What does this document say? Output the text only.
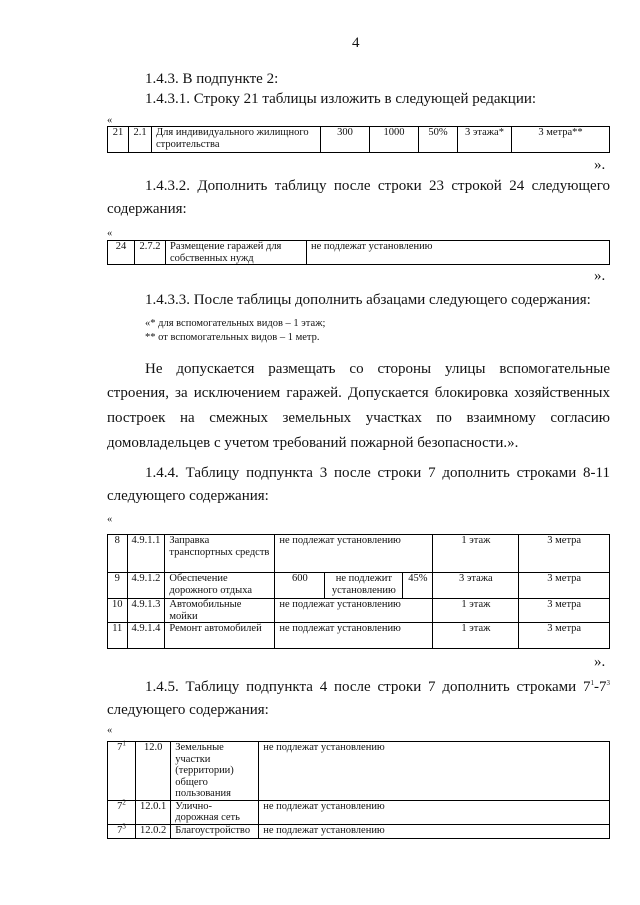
4
1.4.3. В подпункте 2:
1.4.3.1. Строку 21 таблицы изложить в следующей редакции:
«
21	2.1	Для индивидуального жилищного строительства	300	1000	50%	3 этажа*	3 метра**
».
1.4.3.2. Дополнить таблицу после строки 23 строкой 24 следующего
содержания:
«
24	2.7.2	Размещение гаражей для собственных нужд	не подлежат установлению
».
1.4.3.3. После таблицы дополнить абзацами следующего содержания:
«* для вспомогательных видов – 1 этаж;
** от вспомогательных видов – 1 метр.
Не допускается размещать со стороны улицы вспомогательные
строения, за исключением гаражей. Допускается блокировка хозяйственных
построек на смежных земельных участках по взаимному согласию
домовладельцев с учетом требований пожарной безопасности.».
1.4.4. Таблицу подпункта 3 после строки 7 дополнить строками 8-11
следующего содержания:
«
8	4.9.1.1	Заправка транспортных средств	не подлежат установлению			1 этаж	3 метра
9	4.9.1.2	Обеспечение дорожного отдыха	600	не подлежит установлению	45%	3 этажа	3 метра
10	4.9.1.3	Автомобильные мойки	не подлежат установлению			1 этаж	3 метра
11	4.9.1.4	Ремонт автомобилей	не подлежат установлению			1 этаж	3 метра
».
1.4.5. Таблицу подпункта 4 после строки 7 дополнить строками $7^1-7^3$
следующего содержания:
«
$7^1$	12.0	Земельные участки (территории) общего пользования	не подлежат установлению
$7^2$	12.0.1	Улично-дорожная сеть	не подлежат установлению
$7^3$	12.0.2	Благоустройство	не подлежат установлению
